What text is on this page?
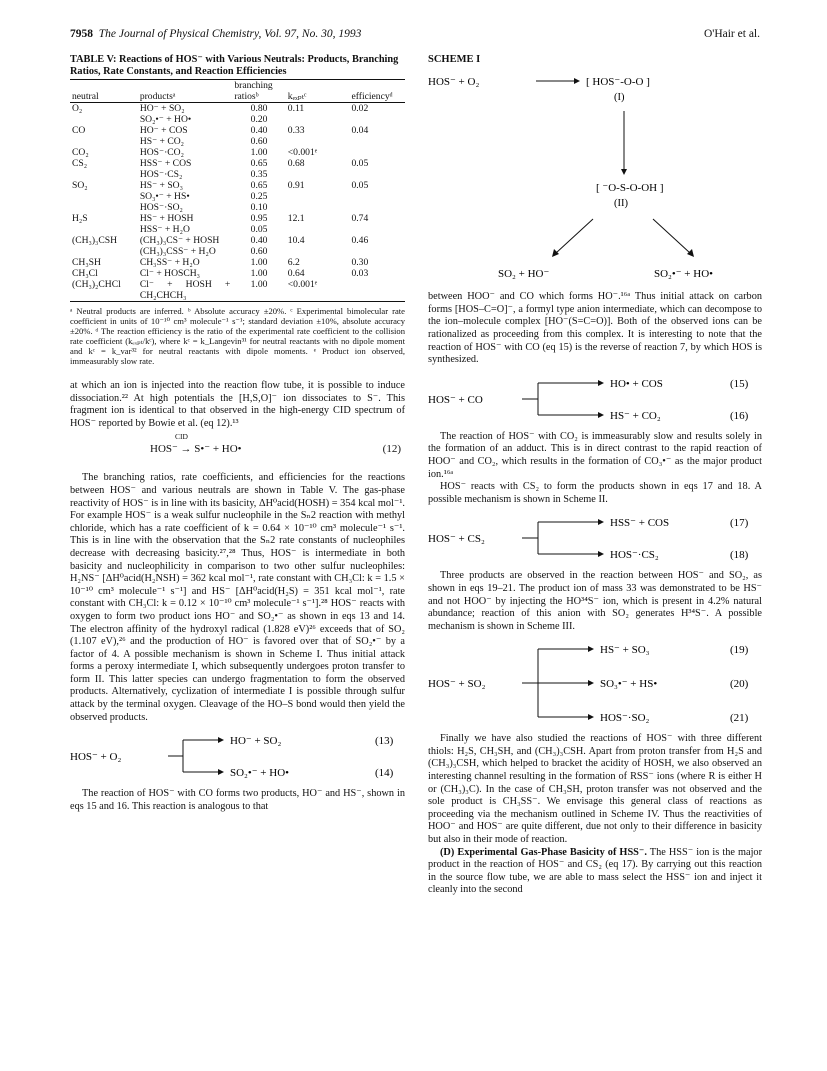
7958 The Journal of Physical Chemistry, Vol. 97, No. 30, 1993	O'Hair et al.
TABLE V: Reactions of HOS⁻ with Various Neutrals: Products, Branching Ratios, Rate Constants, and Reaction Efficiencies
neutral	productsᵃ	branching ratiosᵇ	kₑₓₚₜᶜ	efficiencyᵈ

O₂	HO⁻ + SO₂	0.80	0.11	0.02
	SO₂•⁻ + HO•	0.20		
CO	HO⁻ + COS	0.40	0.33	0.04
	HS⁻ + CO₂	0.60		
CO₂	HOS⁻·CO₂	1.00	<0.001ᵉ	
CS₂	HSS⁻ + COS	0.65	0.68	0.05
	HOS⁻·CS₂	0.35		
SO₂	HS⁻ + SO₃	0.65	0.91	0.05
	SO₃•⁻ + HS•	0.25		
	HOS⁻·SO₂	0.10		
H₂S	HS⁻ + HOSH	0.95	12.1	0.74
	HSS⁻ + H₂O	0.05		
(CH₃)₃CSH	(CH₃)₃CS⁻ + HOSH	0.40	10.4	0.46
	(CH₃)₃CSS⁻ + H₂O	0.60		
CH₃SH	CH₃SS⁻ + H₂O	1.00	6.2	0.30
CH₃Cl	Cl⁻ + HOSCH₃	1.00	0.64	0.03
(CH₃)₂CHCl	Cl⁻ + HOSH + CH₂CHCH₃	1.00	<0.001ᵉ	
ᵃ Neutral products are inferred. ᵇ Absolute accuracy ±20%. ᶜ Experimental bimolecular rate coefficient in units of 10⁻¹⁰ cm³ molecule⁻¹ s⁻¹; standard deviation ±10%, absolute accuracy ±20%. ᵈ The reaction efficiency is the ratio of the experimental rate coefficient to the collision rate coefficient (kₑₓₚₜ/kᶜ), where kᶜ = k_Langevin³¹ for neutral reactants with no dipole moment and kᶜ = k_var³² for neutral reactants with dipole moments. ᵉ Product ion observed, immeasurably slow rate.

at which an ion is injected into the reaction flow tube, it is possible to induce dissociation.²² At high potentials the [H,S,O]⁻ ion dissociates to S⁻. This fragment ion is identical to that observed in the high-energy CID spectrum of HOS⁻ reported by Bowie et al. (eq 12).¹³

CID
HOS⁻ → S•⁻ + HO•	(12)

The branching ratios, rate coefficients, and efficiencies for the reactions between HOS⁻ and various neutrals are shown in Table V. The gas-phase reactivity of HOS⁻ is in line with its basicity, ΔH⁰acid(HOSH) = 354 kcal mol⁻¹. For example HOS⁻ is a weak sulfur nucleophile in the Sₙ2 reaction with methyl chloride, which has a rate coefficient of k = 0.64 × 10⁻¹⁰ cm³ molecule⁻¹ s⁻¹. This is in line with the observation that the Sₙ2 rate constants of nucleophiles decrease with decreasing basicity.²⁷,²⁸ Thus, HOS⁻ is intermediate in both basicity and nucleophilicity in comparison to two other sulfur nucleophiles: H₂NS⁻ [ΔH⁰acid(H₂NSH) = 362 kcal mol⁻¹, rate constant with CH₃Cl: k = 1.5 × 10⁻¹⁰ cm³ molecule⁻¹ s⁻¹] and HS⁻ [ΔH⁰acid(H₂S) = 351 kcal mol⁻¹, rate constant with CH₃Cl: k = 0.12 × 10⁻¹⁰ cm³ molecule⁻¹ s⁻¹].²⁸ HOS⁻ reacts with oxygen to form two product ions HO⁻ and SO₂•⁻ as shown in eqs 13 and 14. The electron affinity of the hydroxyl radical (1.828 eV)²⁶ exceeds that of SO₂ (1.107 eV),²⁶ and the production of HO⁻ is favored over that of SO₂•⁻ by a factor of 4. A possible mechanism is shown in Scheme I. Thus initial attack forms a peroxy intermediate I, which subsequently undergoes proton transfer to form II. This latter species can undergo fragmentation to form the observed products. Alternatively, cyclization of intermediate I is possible through sulfur attack by the terminal oxygen. Cleavage of the HO–S bond would then yield the observed products.

HOS⁻ + O₂
HO⁻ + SO₂	(13)
SO₂•⁻ + HO•	(14)

The reaction of HOS⁻ with CO forms two products, HO⁻ and HS⁻, shown in eqs 15 and 16. This reaction is analogous to that

SCHEME I
HOS⁻ + O₂	[ HOS⁻-O-O ]
(I)
[ ⁻O-S-O-OH ]
(II)
SO₂ + HO⁻	SO₂•⁻ + HO•

between HOO⁻ and CO which forms HO⁻.¹⁶ᵃ Thus initial attack on carbon forms [HOS–C=O]⁻, a formyl type anion intermediate, which can decompose to the ion–molecule complex [HO⁻(S=C=O)]. Both of the observed ions can be rationalized as proceeding from this complex. It is interesting to note that the reaction of HOS⁻ with CO (eq 15) is the reverse of reaction 7, by which HOS is synthesized.

HOS⁻ + CO
HO• + COS	(15)
HS⁻ + CO₂	(16)

The reaction of HOS⁻ with CO₂ is immeasurably slow and results solely in the formation of an adduct. This is in direct contrast to the rapid reaction of HOO⁻ and CO₂, which results in the formation of CO₃•⁻ as the major product ion.¹⁶ᵃ

HOS⁻ reacts with CS₂ to form the products shown in eqs 17 and 18. A possible mechanism is shown in Scheme II.

HOS⁻ + CS₂
HSS⁻ + COS	(17)
HOS⁻·CS₂	(18)

Three products are observed in the reaction between HOS⁻ and SO₂, as shown in eqs 19–21. The product ion of mass 33 was demonstrated to be HS⁻ and not HOO⁻ by injecting the HO³⁴S⁻ ion, which is present in 4.2% natural abundance; reaction of this anion with SO₂ generates H³⁴S⁻. A possible mechanism is shown in Scheme III.

HOS⁻ + SO₂
HS⁻ + SO₃	(19)
SO₃•⁻ + HS•	(20)
HOS⁻·SO₂	(21)

Finally we have also studied the reactions of HOS⁻ with three different thiols: H₂S, CH₃SH, and (CH₃)₃CSH. Apart from proton transfer from H₂S and (CH₃)₃CSH, which helped to bracket the acidity of HOSH, we also observed an interesting channel resulting in the formation of RSS⁻ ions (where R is either H or (CH₃)₃C). In the case of CH₃SH, proton transfer was not observed and the sole product is CH₃SS⁻. We envisage this general class of reactions as proceeding via the mechanism outlined in Scheme IV. Thus the reactivities of HOO⁻ and HOS⁻ are quite different, due not only to their difference in basicity but also in their mode of reaction.

(D) Experimental Gas-Phase Basicity of HSS⁻. The HSS⁻ ion is the major product in the reaction of HOS⁻ and CS₂ (eq 17). By carrying out this reaction in the source flow tube, we are able to mass select the HSS⁻ ion and inject it cleanly into the second
